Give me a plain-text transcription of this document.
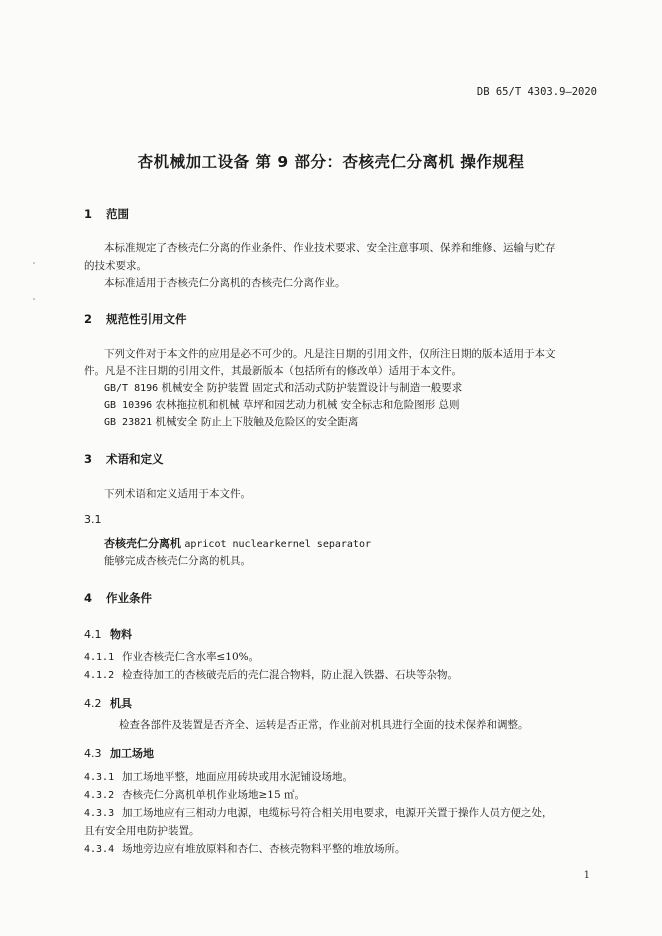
DB 65/T 4303.9—2020
杏机械加工设备 第 9 部分：杏核壳仁分离机 操作规程
1 范围
本标准规定了杏核壳仁分离的作业条件、作业技术要求、安全注意事项、保养和维修、运输与贮存
的技术要求。
本标准适用于杏核壳仁分离机的杏核壳仁分离作业。
2 规范性引用文件
下列文件对于本文件的应用是必不可少的。凡是注日期的引用文件，仅所注日期的版本适用于本文
件。凡是不注日期的引用文件，其最新版本（包括所有的修改单）适用于本文件。
GB/T 8196 机械安全 防护装置 固定式和活动式防护装置设计与制造一般要求
GB 10396 农林拖拉机和机械 草坪和园艺动力机械 安全标志和危险图形 总则
GB 23821 机械安全 防止上下肢触及危险区的安全距离
3 术语和定义
下列术语和定义适用于本文件。
3.1
杏核壳仁分离机 apricot nuclearkernel separator
能够完成杏核壳仁分离的机具。
4 作业条件
4.1 物料
4.1.1 作业杏核壳仁含水率≤10%。
4.1.2 检查待加工的杏核破壳后的壳仁混合物料，防止混入铁器、石块等杂物。
4.2 机具
检查各部件及装置是否齐全、运转是否正常，作业前对机具进行全面的技术保养和调整。
4.3 加工场地
4.3.1 加工场地平整，地面应用砖块或用水泥铺设场地。
4.3.2 杏核壳仁分离机单机作业场地≥15 ㎡。
4.3.3 加工场地应有三相动力电源，电缆标号符合相关用电要求，电源开关置于操作人员方便之处，
且有安全用电防护装置。
4.3.4 场地旁边应有堆放原料和杏仁、杏核壳物料平整的堆放场所。
1
